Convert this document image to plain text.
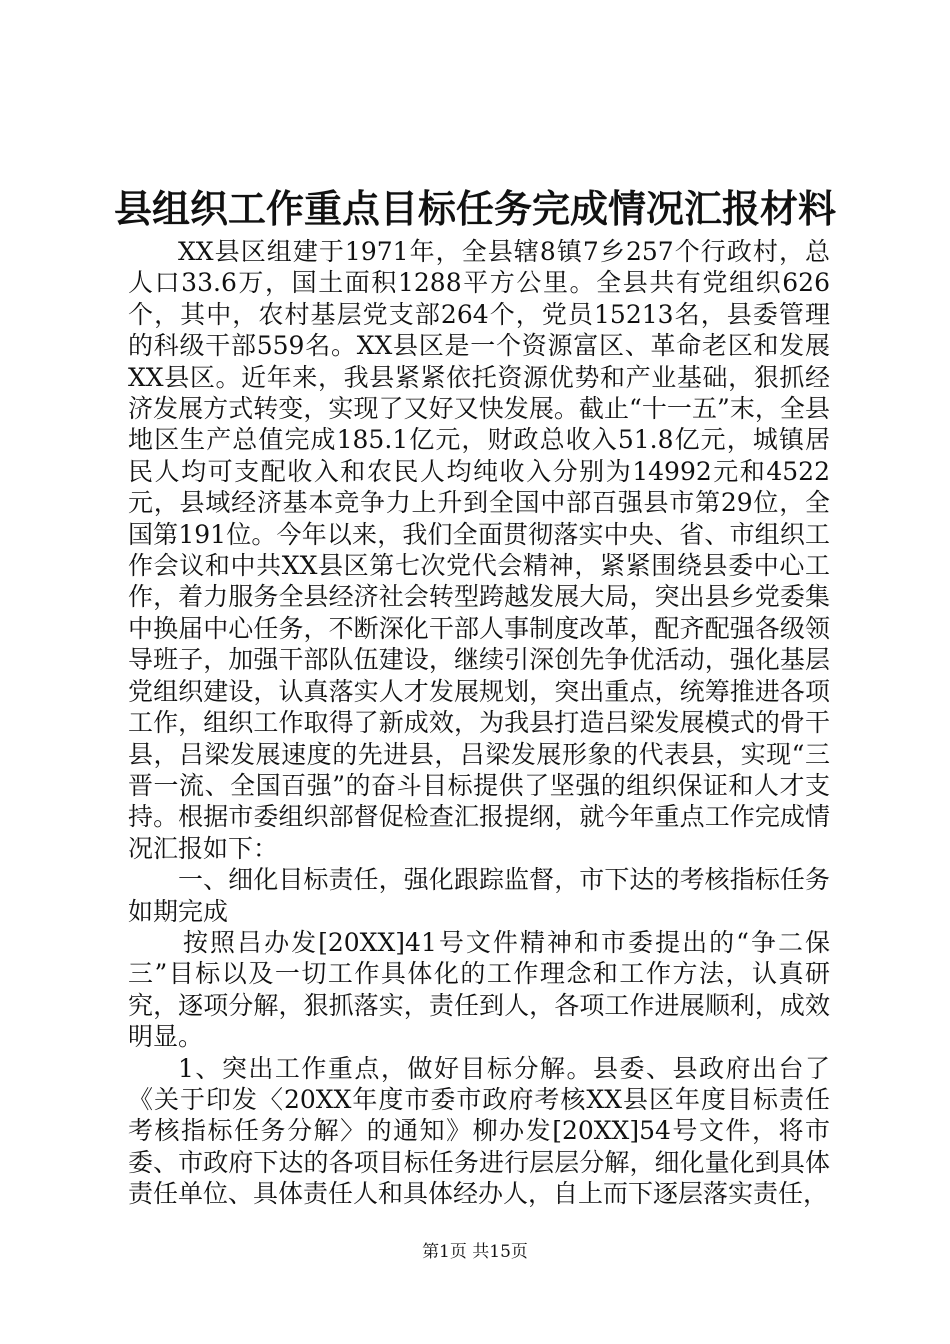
县组织工作重点目标任务完成情况汇报材料

XX县区组建于1971年，全县辖8镇7乡257个行政村，总人口33.6万，国土面积1288平方公里。全县共有党组织626个，其中，农村基层党支部264个，党员15213名，县委管理的科级干部559名。XX县区是一个资源富区、革命老区和发展XX县区。近年来，我县紧紧依托资源优势和产业基础，狠抓经济发展方式转变，实现了又好又快发展。截止“十一五”末，全县地区生产总值完成185.1亿元，财政总收入51.8亿元，城镇居民人均可支配收入和农民人均纯收入分别为14992元和4522元，县域经济基本竞争力上升到全国中部百强县市第29位，全国第191位。今年以来，我们全面贯彻落实中央、省、市组织工作会议和中共XX县区第七次党代会精神，紧紧围绕县委中心工作，着力服务全县经济社会转型跨越发展大局，突出县乡党委集中换届中心任务，不断深化干部人事制度改革，配齐配强各级领导班子，加强干部队伍建设，继续引深创先争优活动，强化基层党组织建设，认真落实人才发展规划，突出重点，统筹推进各项工作，组织工作取得了新成效，为我县打造吕梁发展模式的骨干县，吕梁发展速度的先进县，吕梁发展形象的代表县，实现“三晋一流、全国百强”的奋斗目标提供了坚强的组织保证和人才支持。根据市委组织部督促检查汇报提纲，就今年重点工作完成情况汇报如下：

一、细化目标责任，强化跟踪监督，市下达的考核指标任务如期完成

按照吕办发[20XX]41号文件精神和市委提出的“争二保三”目标以及一切工作具体化的工作理念和工作方法，认真研究，逐项分解，狠抓落实，责任到人，各项工作进展顺利，成效明显。

1、突出工作重点，做好目标分解。县委、县政府出台了《关于印发〈20XX年度市委市政府考核XX县区年度目标责任考核指标任务分解〉的通知》柳办发[20XX]54号文件，将市委、市政府下达的各项目标任务进行层层分解，细化量化到具体责任单位、具体责任人和具体经办人，自上而下逐层落实责任，

第1页 共15页
